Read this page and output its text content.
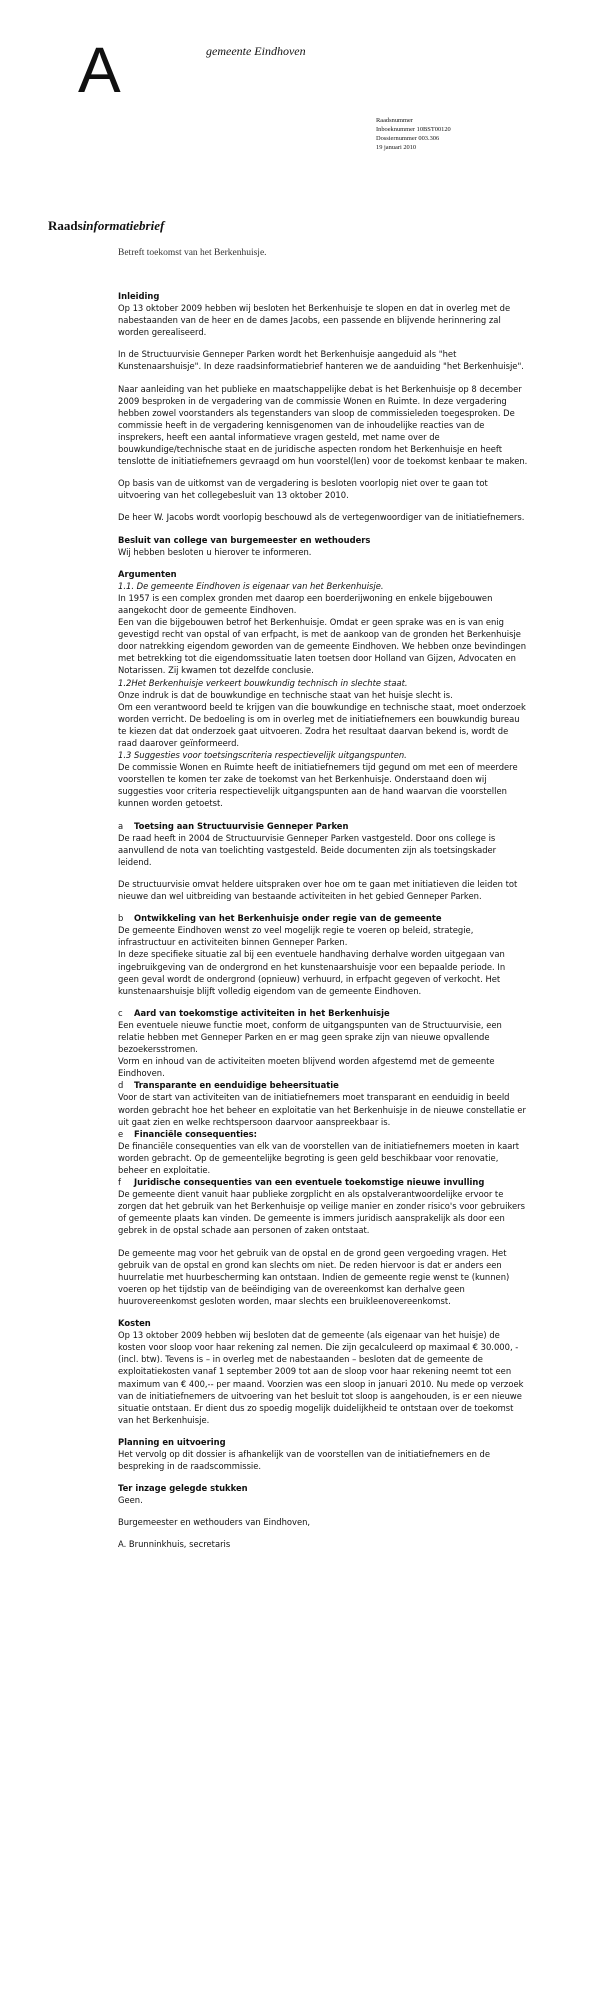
A	gemeente Eindhoven
Raadsnummer
Inboeknummer 10BST00120
Dossiernummer 003.306
19 januari 2010
Raadsinformatiebrief
Betreft toekomst van het Berkenhuisje.
Inleiding

Op 13 oktober 2009 hebben wij besloten het Berkenhuisje te slopen en dat in overleg met de nabestaanden van de heer en de dames Jacobs, een passende en blijvende herinnering zal worden gerealiseerd.

In de Structuurvisie Genneper Parken wordt het Berkenhuisje aangeduid als "het Kunstenaarshuisje". In deze raadsinformatiebrief hanteren we de aanduiding "het Berkenhuisje".

Naar aanleiding van het publieke en maatschappelijke debat is het Berkenhuisje op 8 december 2009 besproken in de vergadering van de commissie Wonen en Ruimte. In deze vergadering hebben zowel voorstanders als tegenstanders van sloop de commissieleden toegesproken. De commissie heeft in de vergadering kennisgenomen van de inhoudelijke reacties van de insprekers, heeft een aantal informatieve vragen gesteld, met name over de bouwkundige/technische staat en de juridische aspecten rondom het Berkenhuisje en heeft tenslotte de initiatiefnemers gevraagd om hun voorstel(len) voor de toekomst kenbaar te maken.

Op basis van de uitkomst van de vergadering is besloten voorlopig niet over te gaan tot uitvoering van het collegebesluit van 13 oktober 2010.

De heer W. Jacobs wordt voorlopig beschouwd als de vertegenwoordiger van de initiatiefnemers.

Besluit van college van burgemeester en wethouders

Wij hebben besloten u hierover te informeren.

Argumenten
1.1. De gemeente Eindhoven is eigenaar van het Berkenhuisje.
In 1957 is een complex gronden met daarop een boerderijwoning en enkele bijgebouwen aangekocht door de gemeente Eindhoven.
Een van die bijgebouwen betrof het Berkenhuisje. Omdat er geen sprake was en is van enig gevestigd recht van opstal of van erfpacht, is met de aankoop van de gronden het Berkenhuisje door natrekking eigendom geworden van de gemeente Eindhoven. We hebben onze bevindingen met betrekking tot die eigendomssituatie laten toetsen door Holland van Gijzen, Advocaten en Notarissen. Zij kwamen tot dezelfde conclusie.
1.2Het Berkenhuisje verkeert bouwkundig technisch in slechte staat.
Onze indruk is dat de bouwkundige en technische staat van het huisje slecht is.
Om een verantwoord beeld te krijgen van die bouwkundige en technische staat, moet onderzoek worden verricht. De bedoeling is om in overleg met de initiatiefnemers een bouwkundig bureau te kiezen dat dat onderzoek gaat uitvoeren. Zodra het resultaat daarvan bekend is, wordt de raad daarover geïnformeerd.
1.3 Suggesties voor toetsingscriteria respectievelijk uitgangspunten.

De commissie Wonen en Ruimte heeft de initiatiefnemers tijd gegund om met een of meerdere voorstellen te komen ter zake de toekomst van het Berkenhuisje. Onderstaand doen wij suggesties voor criteria respectievelijk uitgangspunten aan de hand waarvan die voorstellen kunnen worden getoetst.

a Toetsing aan Structuurvisie Genneper Parken

De raad heeft in 2004 de Structuurvisie Genneper Parken vastgesteld. Door ons college is aanvullend de nota van toelichting vastgesteld. Beide documenten zijn als toetsingskader leidend.

De structuurvisie omvat heldere uitspraken over hoe om te gaan met initiatieven die leiden tot nieuwe dan wel uitbreiding van bestaande activiteiten in het gebied Genneper Parken.

b Ontwikkeling van het Berkenhuisje onder regie van de gemeente
De gemeente Eindhoven wenst zo veel mogelijk regie te voeren op beleid, strategie, infrastructuur en activiteiten binnen Genneper Parken.

In deze specifieke situatie zal bij een eventuele handhaving derhalve worden uitgegaan van ingebruikgeving van de ondergrond en het kunstenaarshuisje voor een bepaalde periode. In geen geval wordt de ondergrond (opnieuw) verhuurd, in erfpacht gegeven of verkocht. Het kunstenaarshuisje blijft volledig eigendom van de gemeente Eindhoven.

c Aard van toekomstige activiteiten in het Berkenhuisje
Een eventuele nieuwe functie moet, conform de uitgangspunten van de Structuurvisie, een relatie hebben met Genneper Parken en er mag geen sprake zijn van nieuwe opvallende bezoekersstromen.
Vorm en inhoud van de activiteiten moeten blijvend worden afgestemd met de gemeente Eindhoven.
d Transparante en eenduidige beheersituatie
Voor de start van activiteiten van de initiatiefnemers moet transparant en eenduidig in beeld worden gebracht hoe het beheer en exploitatie van het Berkenhuisje in de nieuwe constellatie er uit gaat zien en welke rechtspersoon daarvoor aanspreekbaar is.
e Financiële consequenties:
De financiële consequenties van elk van de voorstellen van de initiatiefnemers moeten in kaart worden gebracht. Op de gemeentelijke begroting is geen geld beschikbaar voor renovatie, beheer en exploitatie.
f Juridische consequenties van een eventuele toekomstige nieuwe invulling

De gemeente dient vanuit haar publieke zorgplicht en als opstalverantwoordelijke ervoor te zorgen dat het gebruik van het Berkenhuisje op veilige manier en zonder risico's voor gebruikers of gemeente plaats kan vinden. De gemeente is immers juridisch aansprakelijk als door een gebrek in de opstal schade aan personen of zaken ontstaat.

De gemeente mag voor het gebruik van de opstal en de grond geen vergoeding vragen. Het gebruik van de opstal en grond kan slechts om niet. De reden hiervoor is dat er anders een huurrelatie met huurbescherming kan ontstaan. Indien de gemeente regie wenst te (kunnen) voeren op het tijdstip van de beëindiging van de overeenkomst kan derhalve geen huurovereenkomst gesloten worden, maar slechts een bruikleenovereenkomst.

Kosten

Op 13 oktober 2009 hebben wij besloten dat de gemeente (als eigenaar van het huisje) de kosten voor sloop voor haar rekening zal nemen. Die zijn gecalculeerd op maximaal € 30.000, - (incl. btw). Tevens is – in overleg met de nabestaanden – besloten dat de gemeente de exploitatiekosten vanaf 1 september 2009 tot aan de sloop voor haar rekening neemt tot een maximum van € 400,-- per maand. Voorzien was een sloop in januari 2010. Nu mede op verzoek van de initiatiefnemers de uitvoering van het besluit tot sloop is aangehouden, is er een nieuwe situatie ontstaan. Er dient dus zo spoedig mogelijk duidelijkheid te ontstaan over de toekomst van het Berkenhuisje.

Planning en uitvoering

Het vervolg op dit dossier is afhankelijk van de voorstellen van de initiatiefnemers en de bespreking in de raadscommissie.

Ter inzage gelegde stukken

Geen.

Burgemeester en wethouders van Eindhoven,

A. Brunninkhuis, secretaris
